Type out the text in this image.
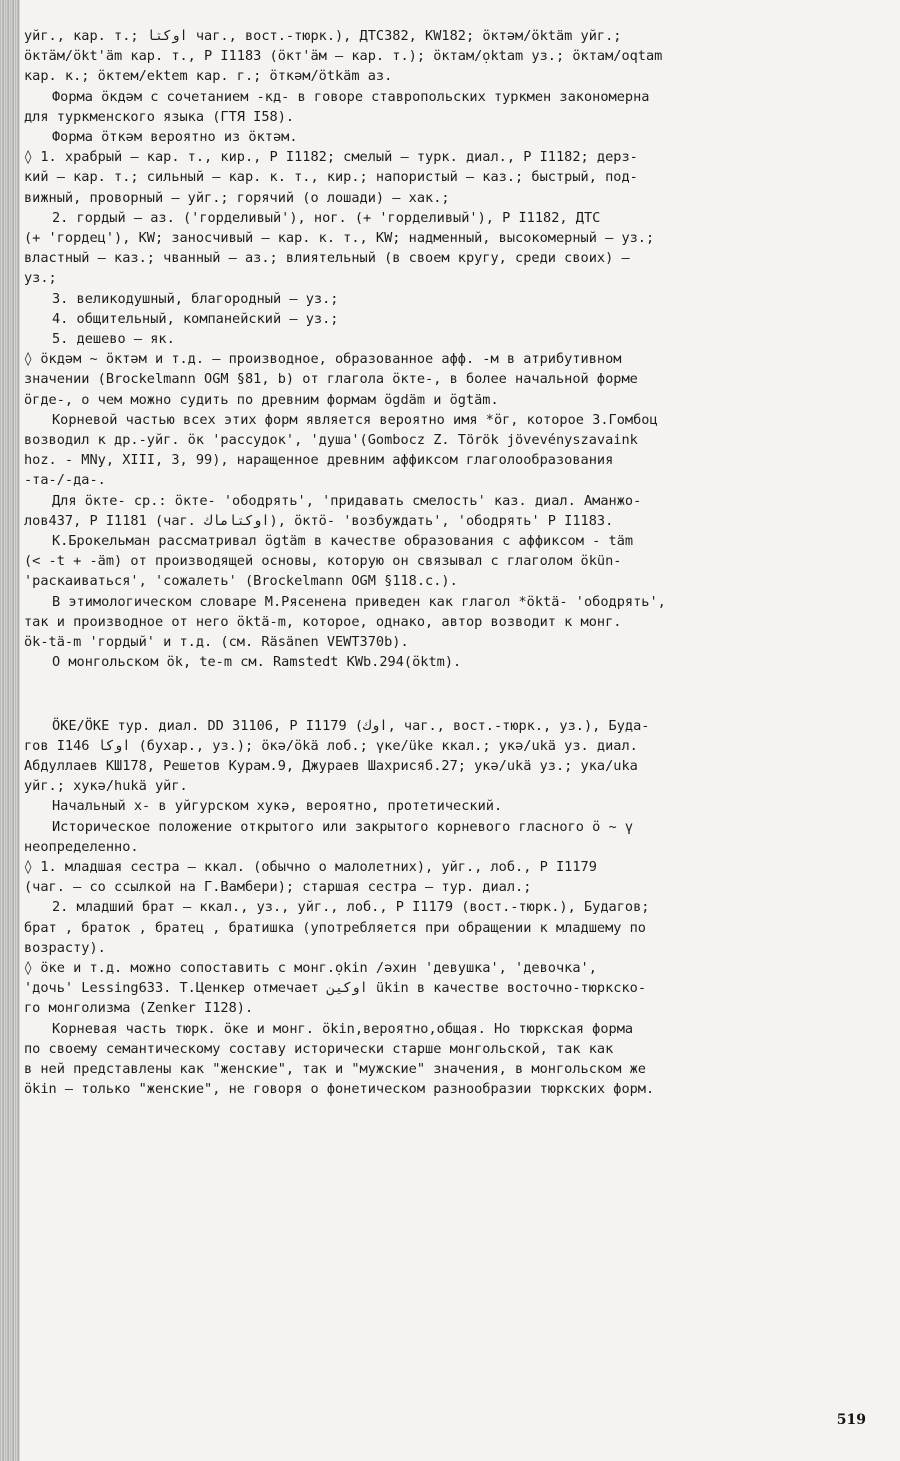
уйг., кар. т.; اوكتا чаг., вост.-тюрк.), ДТС382, KW182; ӧктəм/ӧktäm уйг.;
ӧктӓм/ӧkt'äm кар. т., Р I1183 (ӧкт'ӓм – кар. т.); ӧктам/ọktam уз.; ӧктам/oqtam
кар. к.; ӧктем/ektem кар. г.; ӧткəм/ӧtkäm аз.
Форма ӧкдəм с сочетанием -кд- в говоре ставропольских туркмен закономерна
для туркменского языка (ГТЯ I58).
Форма ӧткəм вероятно из ӧктəм.
◊ 1. храбрый – кар. т., кир., Р I1182; смелый – турк. диал., Р I1182; дерз-
кий – кар. т.; сильный – кар. к. т., кир.; напористый – каз.; быстрый, под-
вижный, проворный – уйг.; горячий (о лошади) – хак.;
2. гордый – аз. ('горделивый'), ног. (+ 'горделивый'), Р I1182, ДТС
(+ 'гордец'), KW; заносчивый – кар. к. т., KW; надменный, высокомерный – уз.;
властный – каз.; чванный – аз.; влиятельный (в своем кругу, среди своих) –
уз.;
3. великодушный, благородный – уз.;
4. общительный, компанейский – уз.;
5. дешево – як.
◊ ӧкдəм ~ ӧктəм и т.д. – производное, образованное афф. -м в атрибутивном
значении (Brockelmann OGM §81, b) от глагола ӧкте-, в более начальной форме
ӧгде-, о чем можно судить по древним формам ӧgdäm и ӧgtäm.
Корневой частью всех этих форм является вероятно имя *ӧг, которое З.Гомбоц
возводил к др.-уйг. ӧк 'рассудок', 'душа'(Gombocz Z. Török jövevényszavaink
hoz. - MNy, XIII, 3, 99), наращенное древним аффиксом глаголообразования
-та-/-да-.
Для ӧкте- ср.: ӧкте- 'ободрять', 'придавать смелость' каз. диал. Аманжо-
лов437, Р I1181 (чаг. اوكتاماك), ӧктӧ- 'возбуждать', 'ободрять' Р I1183.
К.Брокельман рассматривал ӧgtäm в качестве образования с аффиксом - täm
(< -t + -äm) от производящей основы, которую он связывал с глаголом ӧkün-
'раскаиваться', 'сожалеть' (Brockelmann OGM §118.c.).
В этимологическом словаре М.Рясенена приведен как глагол *ӧktä- 'ободрять',
так и производное от него ӧktä-m, которое, однако, автор возводит к монг.
ӧk-tä-m 'гордый' и т.д. (см. Räsänen VEWT370b).
О монгольском ӧk, te-m см. Ramstedt KWb.294(ӧktm).
ӦКЕ/ӦКЕ тур. диал. DD 31106, Р I1179 (اوك, чаг., вост.-тюрк., уз.), Буда-
гов I146 اوكا (бухар., уз.); ӧкə/ӧkä лоб.; үке/üke ккал.; укə/ukä уз. диал.
Абдуллаев КШ178, Решетов Курам.9, Джураев Шахрисяб.27; укə/ukä уз.; ука/uka
уйг.; хукə/hukä уйг.
Начальный х- в уйгурском хукə, вероятно, протетический.
Историческое положение открытого или закрытого корневого гласного ӧ ~ ү
неопределенно.
◊ 1. младшая сестра – ккал. (обычно о малолетних), уйг., лоб., Р I1179
(чаг. – со ссылкой на Г.Вамбери); старшая сестра – тур. диал.;
2. младший брат – ккал., уз., уйг., лоб., Р I1179 (вост.-тюрк.), Будагов;
брат , браток , братец , братишка (употребляется при обращении к младшему по
возрасту).
◊ ӧке и т.д. можно сопоставить с монг.ọkin /əхин 'девушка', 'девочка',
'дочь' Lessing633. Т.Ценкер отмечает اوكين ükin в качестве восточно-тюркско-
го монголизма (Zenker I128).
Корневая часть тюрк. ӧке и монг. ӧkin,вероятно,общая. Но тюркская форма
по своему семантическому составу исторически старше монгольской, так как
в ней представлены как "женские", так и "мужские" значения, в монгольском же
ӧkin – только "женские", не говоря о фонетическом разнообразии тюркских форм.
519
